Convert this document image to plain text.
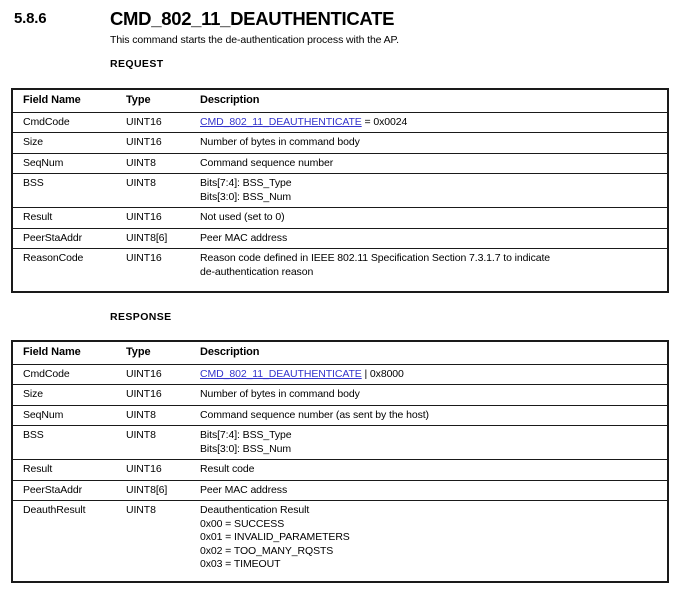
5.8.6	CMD_802_11_DEAUTHENTICATE
This command starts the de-authentication process with the AP.
REQUEST
Field Name	Type	Description
CmdCode	UINT16	CMD_802_11_DEAUTHENTICATE = 0x0024

Size	UINT16	Number of bytes in command body

SeqNum	UINT8	Command sequence number

BSS	UINT8	Bits[7:4]: BSS_Type
Bits[3:0]: BSS_Num

Result	UINT16	Not used (set to 0)

PeerStaAddr	UINT8[6]	Peer MAC address

ReasonCode	UINT16	Reason code defined in IEEE 802.11 Specification Section 7.3.1.7 to indicate
de-authentication reason
RESPONSE
Field Name	Type	Description
CmdCode	UINT16	CMD_802_11_DEAUTHENTICATE | 0x8000

Size	UINT16	Number of bytes in command body

SeqNum	UINT8	Command sequence number (as sent by the host)

BSS	UINT8	Bits[7:4]: BSS_Type
Bits[3:0]: BSS_Num

Result	UINT16	Result code

PeerStaAddr	UINT8[6]	Peer MAC address

DeauthResult	UINT8	Deauthentication Result
0x00 = SUCCESS
0x01 = INVALID_PARAMETERS
0x02 = TOO_MANY_RQSTS
0x03 = TIMEOUT
